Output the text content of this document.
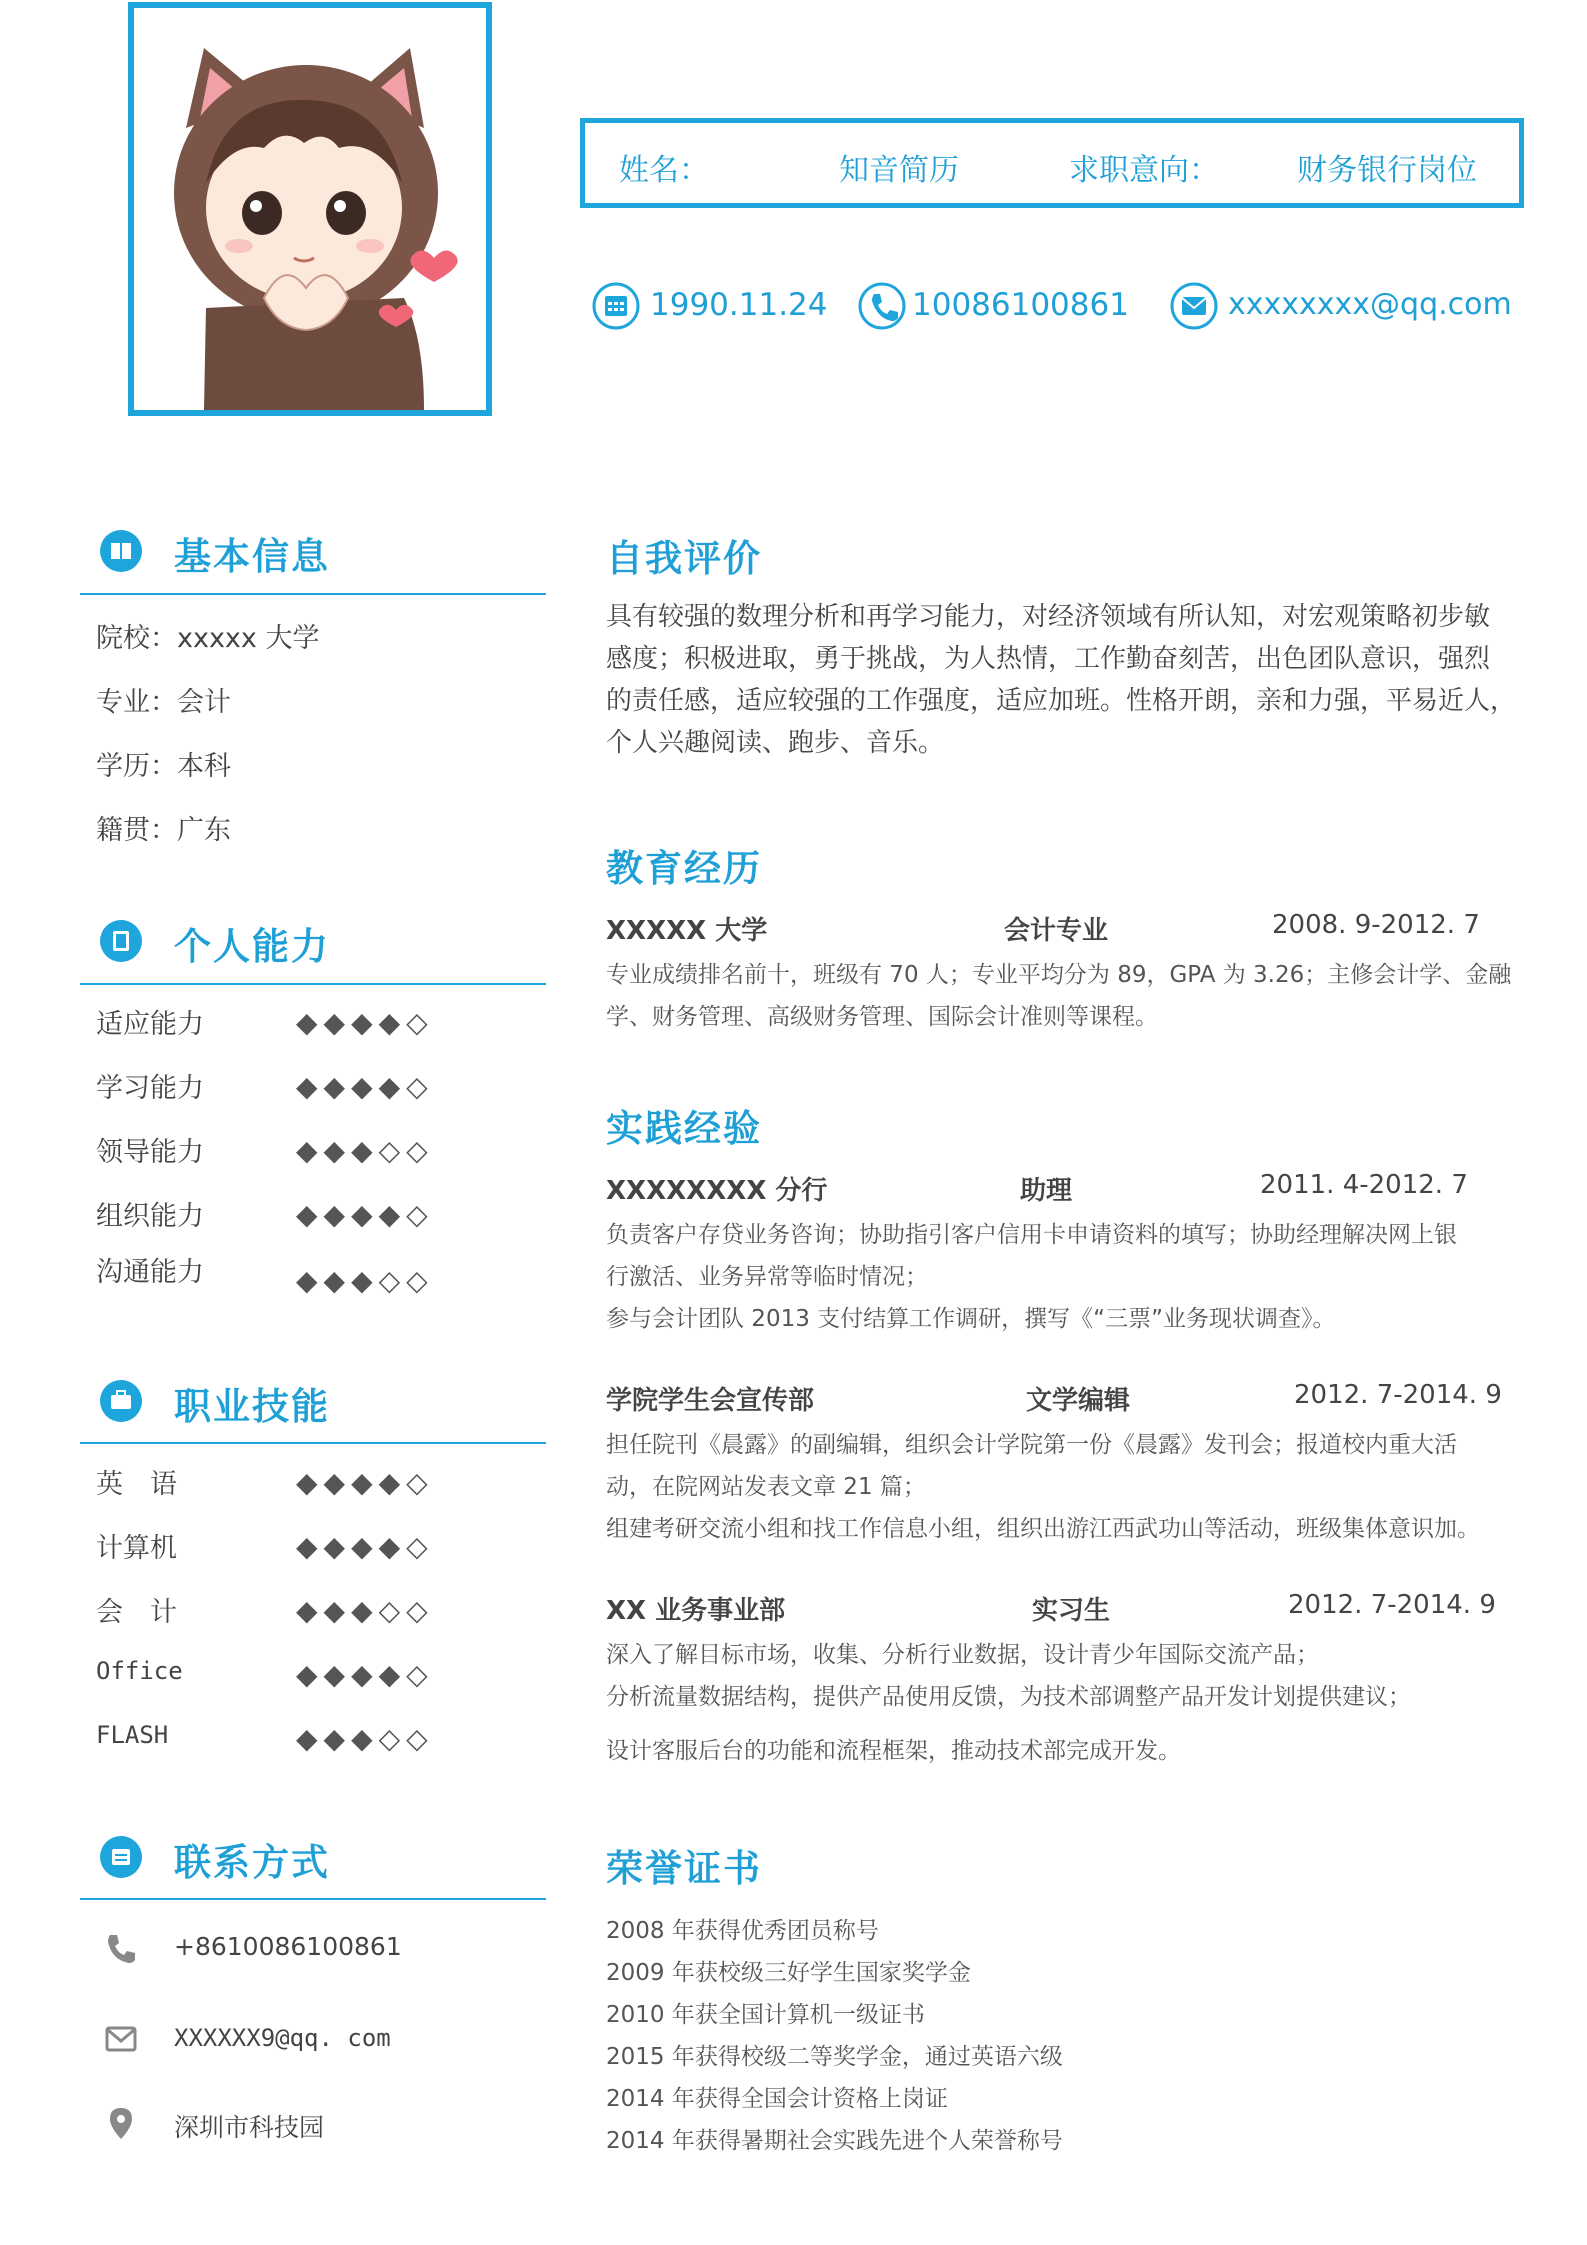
姓名：	知音简历	求职意向：	财务银行岗位
1990.11.24	10086100861	xxxxxxxx@qq.com
基本信息
院校：xxxxx 大学
专业：会计
学历：本科
籍贯：广东
个人能力
适应能力	◆◆◆◆◇
学习能力	◆◆◆◆◇
领导能力	◆◆◆◇◇
组织能力	◆◆◆◆◇
沟通能力	◆◆◆◇◇
职业技能
英　语	◆◆◆◆◇
计算机	◆◆◆◆◇
会　计	◆◆◆◇◇
Office	◆◆◆◆◇
FLASH	◆◆◆◇◇
联系方式
+8610086100861
XXXXXX9@qq. com
深圳市科技园
自我评价
具有较强的数理分析和再学习能力，对经济领域有所认知，对宏观策略初步敏
感度；积极进取，勇于挑战，为人热情，工作勤奋刻苦，出色团队意识，强烈
的责任感，适应较强的工作强度，适应加班。性格开朗，亲和力强，平易近人，
个人兴趣阅读、跑步、音乐。
教育经历
XXXXX 大学	会计专业	2008. 9-2012. 7
专业成绩排名前十，班级有 70 人；专业平均分为 89，GPA 为 3.26；主修会计学、金融
学、财务管理、高级财务管理、国际会计准则等课程。
实践经验
XXXXXXXX 分行	助理	2011. 4-2012. 7
负责客户存贷业务咨询；协助指引客户信用卡申请资料的填写；协助经理解决网上银
行激活、业务异常等临时情况；
参与会计团队 2013 支付结算工作调研，撰写《“三票”业务现状调查》。
学院学生会宣传部	文学编辑	2012. 7-2014. 9
担任院刊《晨露》的副编辑，组织会计学院第一份《晨露》发刊会；报道校内重大活
动，在院网站发表文章 21 篇；
组建考研交流小组和找工作信息小组，组织出游江西武功山等活动，班级集体意识加。
XX 业务事业部	实习生	2012. 7-2014. 9
深入了解目标市场，收集、分析行业数据，设计青少年国际交流产品；
分析流量数据结构，提供产品使用反馈，为技术部调整产品开发计划提供建议；
设计客服后台的功能和流程框架，推动技术部完成开发。
荣誉证书
2008 年获得优秀团员称号
2009 年获校级三好学生国家奖学金
2010 年获全国计算机一级证书
2015 年获得校级二等奖学金，通过英语六级
2014 年获得全国会计资格上岗证
2014 年获得暑期社会实践先进个人荣誉称号
